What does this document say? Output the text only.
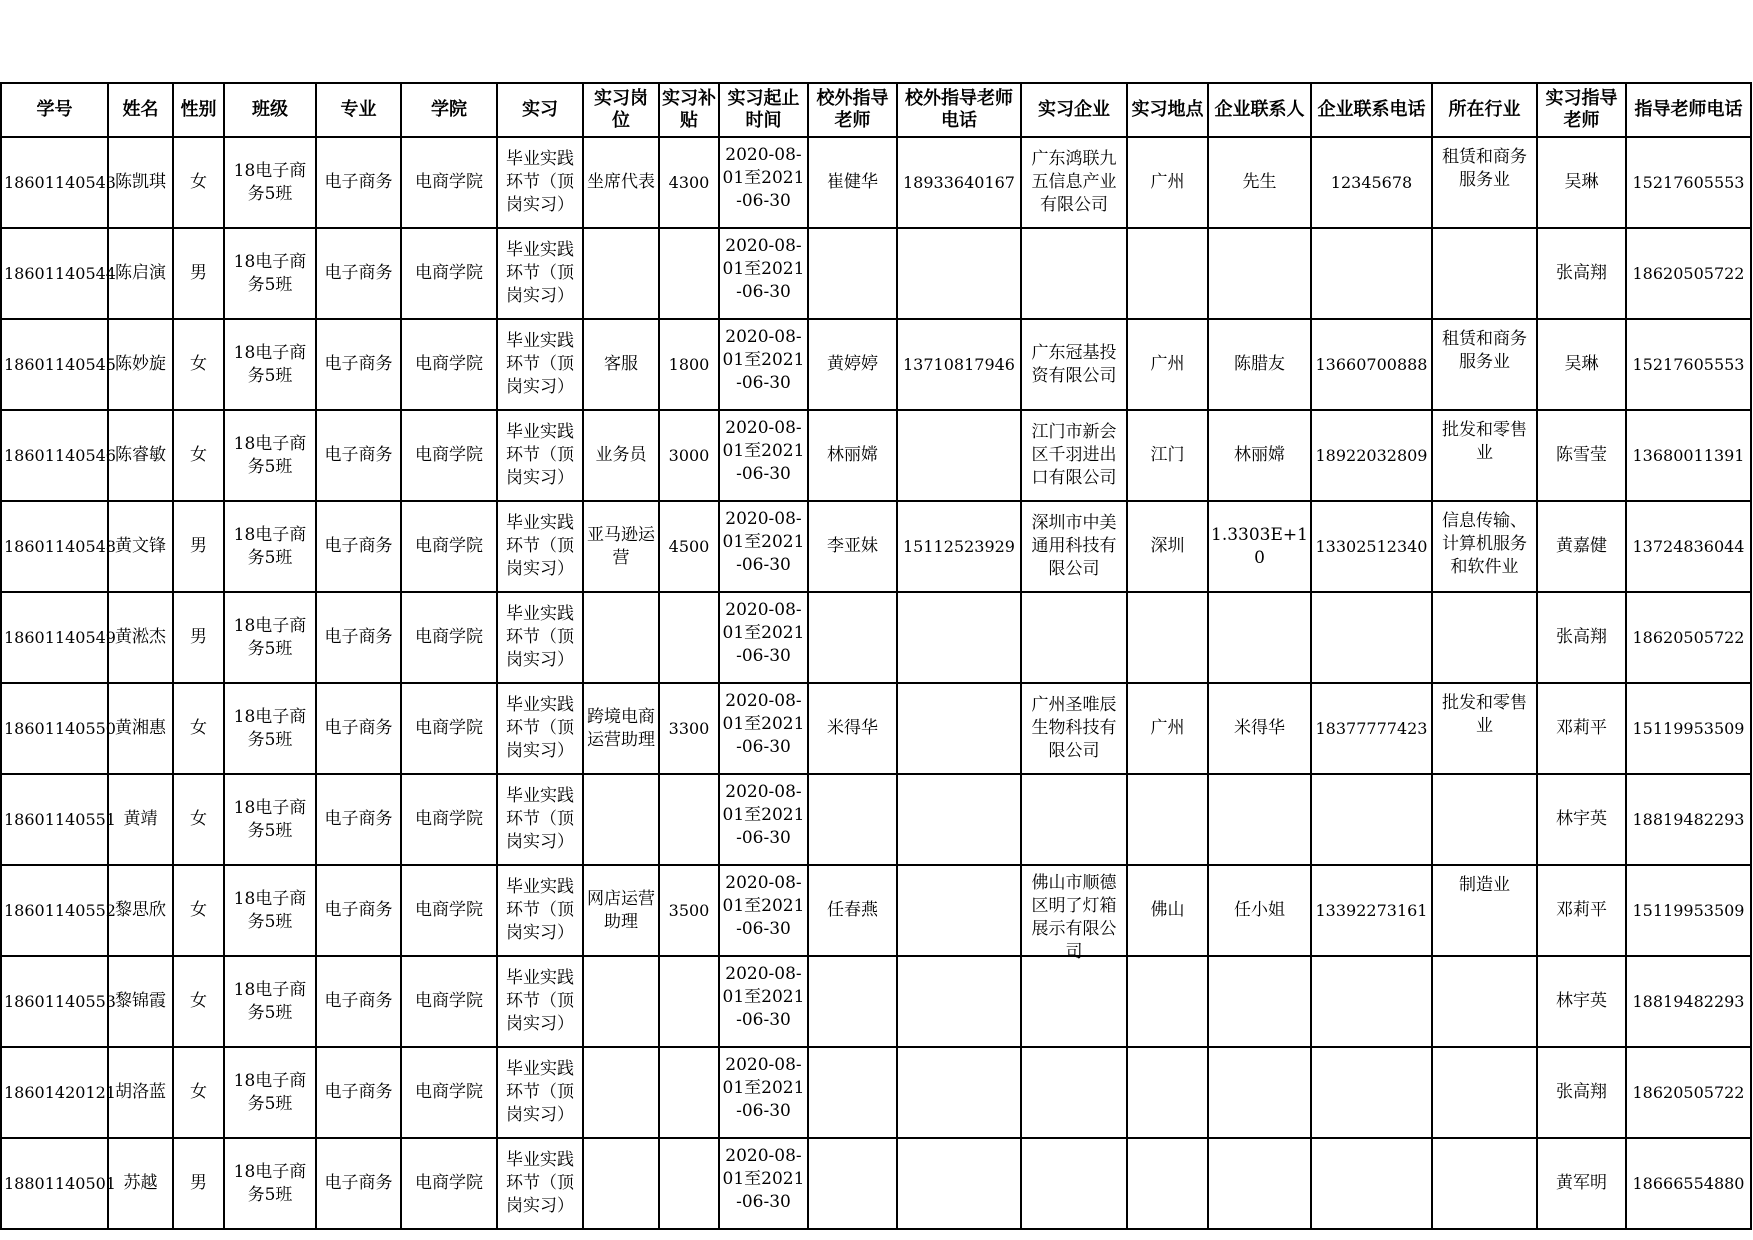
学号	姓名	性别	班级	专业	学院	实习	实习岗位	实习补贴	实习起止时间	校外指导老师	校外指导老师电话	实习企业	实习地点	企业联系人	企业联系电话	所在行业	实习指导老师	指导老师电话
18601140543	陈凯琪	女	18电子商务5班	电子商务	电商学院	毕业实践环节（顶岗实习）	坐席代表	4300	2020-08-01至2021-06-30	崔健华	18933640167	广东鸿联九五信息产业有限公司	广州	先生	12345678	租赁和商务服务业	吴琳	15217605553
18601140544	陈启演	男	18电子商务5班	电子商务	电商学院	毕业实践环节（顶岗实习）			2020-08-01至2021-06-30								张高翔	18620505722
18601140545	陈妙旋	女	18电子商务5班	电子商务	电商学院	毕业实践环节（顶岗实习）	客服	1800	2020-08-01至2021-06-30	黄婷婷	13710817946	广东冠基投资有限公司	广州	陈腊友	13660700888	租赁和商务服务业	吴琳	15217605553
18601140546	陈睿敏	女	18电子商务5班	电子商务	电商学院	毕业实践环节（顶岗实习）	业务员	3000	2020-08-01至2021-06-30	林丽嫦		江门市新会区千羽进出口有限公司	江门	林丽嫦	18922032809	批发和零售业	陈雪莹	13680011391
18601140548	黄文锋	男	18电子商务5班	电子商务	电商学院	毕业实践环节（顶岗实习）	亚马逊运营	4500	2020-08-01至2021-06-30	李亚妹	15112523929	深圳市中美通用科技有限公司	深圳	1.3303E+10	13302512340	信息传输、计算机服务和软件业	黄嘉健	13724836044
18601140549	黄淞杰	男	18电子商务5班	电子商务	电商学院	毕业实践环节（顶岗实习）			2020-08-01至2021-06-30								张高翔	18620505722
18601140550	黄湘惠	女	18电子商务5班	电子商务	电商学院	毕业实践环节（顶岗实习）	跨境电商运营助理	3300	2020-08-01至2021-06-30	米得华		广州圣唯辰生物科技有限公司	广州	米得华	18377777423	批发和零售业	邓莉平	15119953509
18601140551	黄靖	女	18电子商务5班	电子商务	电商学院	毕业实践环节（顶岗实习）			2020-08-01至2021-06-30								林宇英	18819482293
18601140552	黎思欣	女	18电子商务5班	电子商务	电商学院	毕业实践环节（顶岗实习）	网店运营助理	3500	2020-08-01至2021-06-30	任春燕		佛山市顺德区明了灯箱展示有限公司	佛山	任小姐	13392273161	制造业	邓莉平	15119953509
18601140553	黎锦霞	女	18电子商务5班	电子商务	电商学院	毕业实践环节（顶岗实习）			2020-08-01至2021-06-30								林宇英	18819482293
18601420121	胡洛蓝	女	18电子商务5班	电子商务	电商学院	毕业实践环节（顶岗实习）			2020-08-01至2021-06-30								张高翔	18620505722
18801140501	苏越	男	18电子商务5班	电子商务	电商学院	毕业实践环节（顶岗实习）			2020-08-01至2021-06-30								黄军明	18666554880
